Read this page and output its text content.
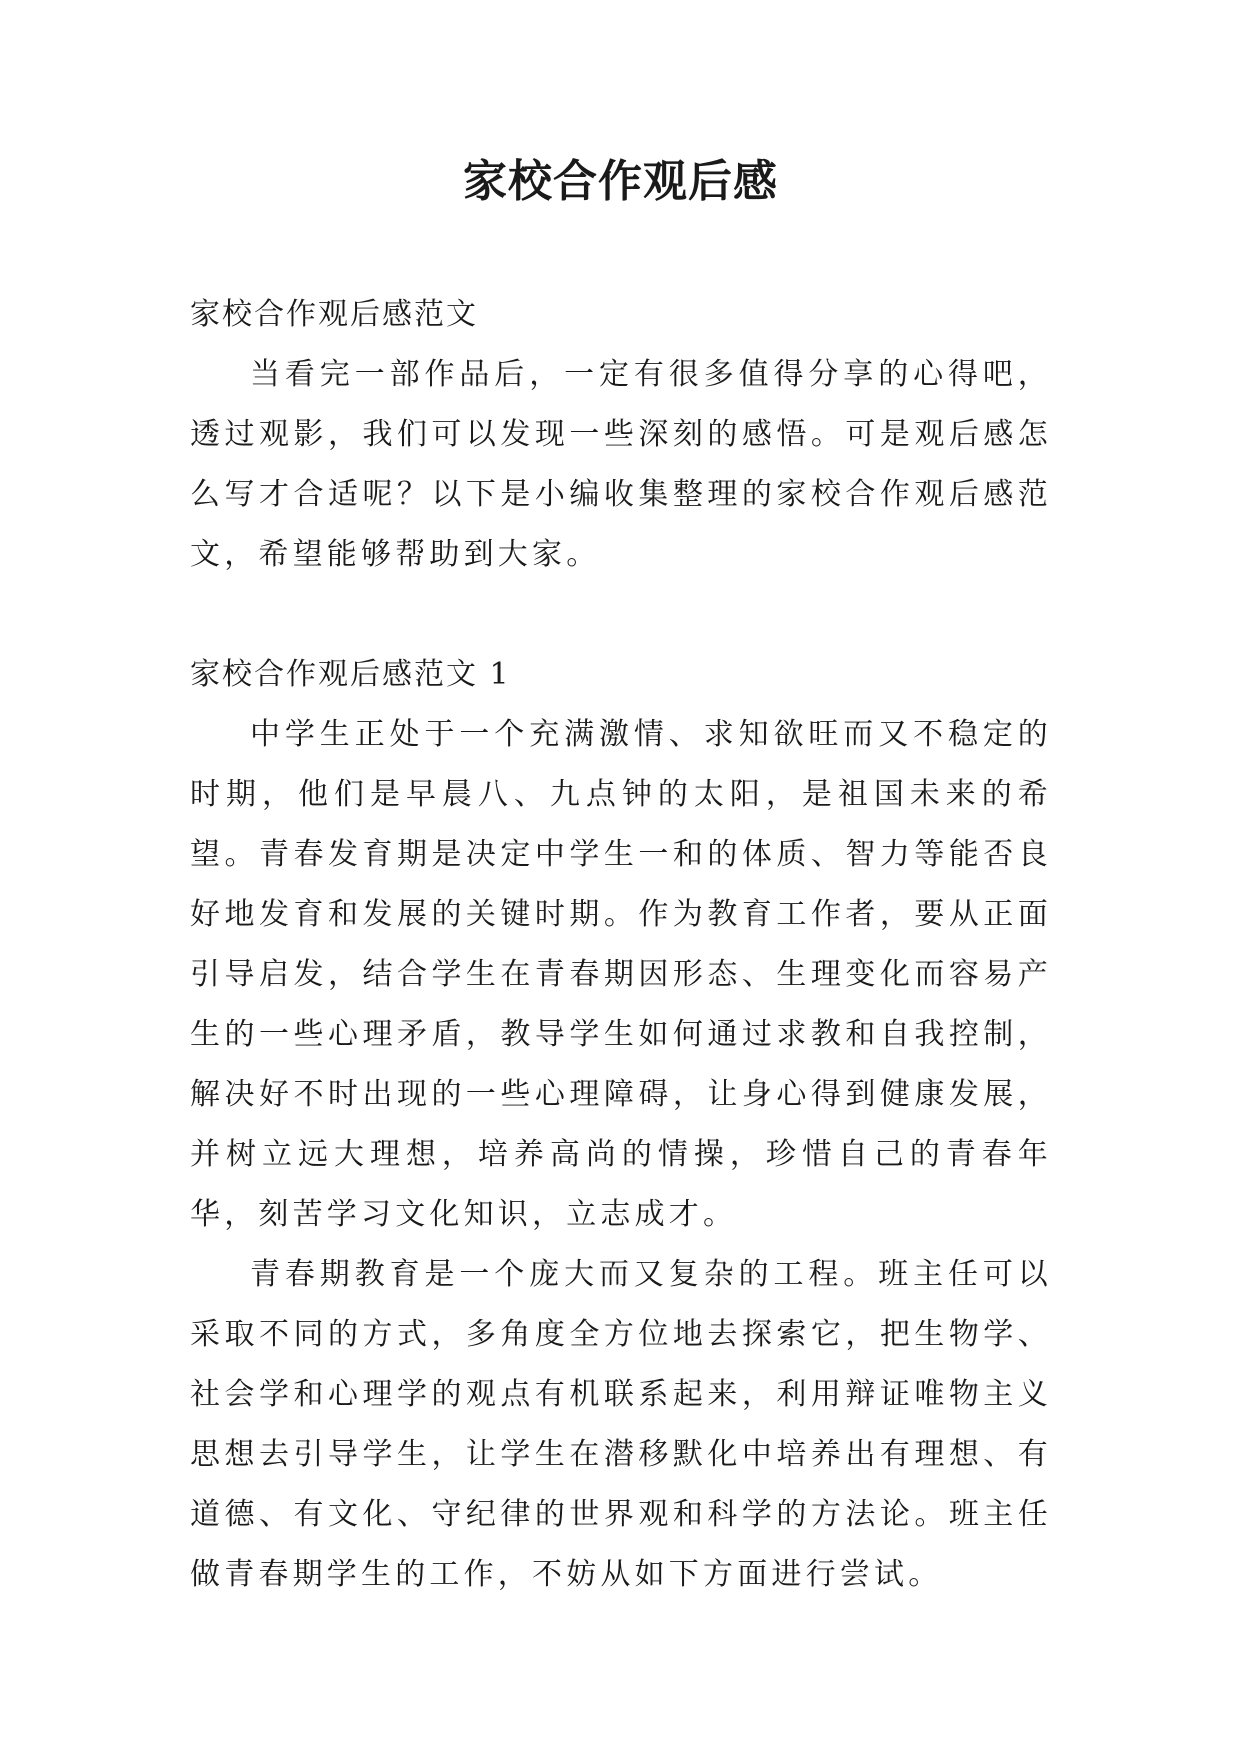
家校合作观后感

家校合作观后感范文

当看完一部作品后，一定有很多值得分享的心得吧，透过观影，我们可以发现一些深刻的感悟。可是观后感怎么写才合适呢？以下是小编收集整理的家校合作观后感范文，希望能够帮助到大家。

家校合作观后感范文 1

中学生正处于一个充满激情、求知欲旺而又不稳定的时期，他们是早晨八、九点钟的太阳，是祖国未来的希望。青春发育期是决定中学生一和的体质、智力等能否良好地发育和发展的关键时期。作为教育工作者，要从正面引导启发，结合学生在青春期因形态、生理变化而容易产生的一些心理矛盾，教导学生如何通过求教和自我控制，解决好不时出现的一些心理障碍，让身心得到健康发展，并树立远大理想，培养高尚的情操，珍惜自己的青春年华，刻苦学习文化知识，立志成才。

青春期教育是一个庞大而又复杂的工程。班主任可以采取不同的方式，多角度全方位地去探索它，把生物学、社会学和心理学的观点有机联系起来，利用辩证唯物主义思想去引导学生，让学生在潜移默化中培养出有理想、有道德、有文化、守纪律的世界观和科学的方法论。班主任做青春期学生的工作，不妨从如下方面进行尝试。
